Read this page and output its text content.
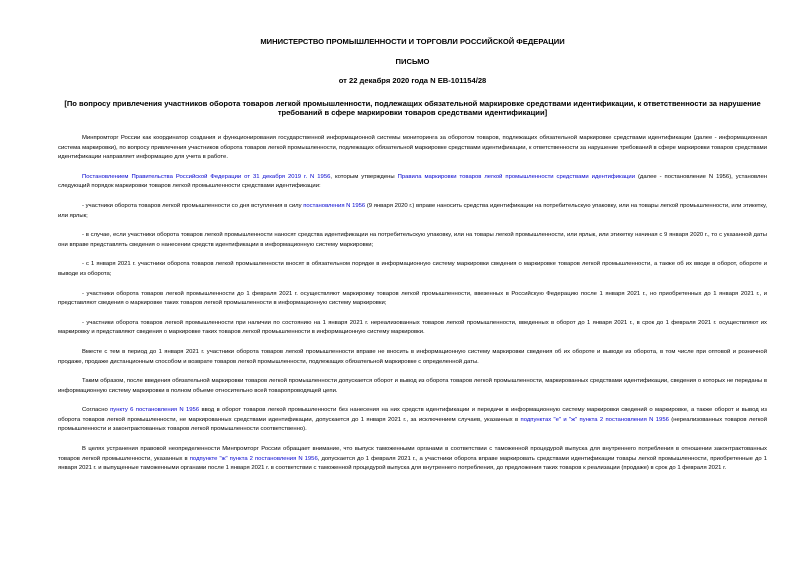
МИНИСТЕРСТВО ПРОМЫШЛЕННОСТИ И ТОРГОВЛИ РОССИЙСКОЙ ФЕДЕРАЦИИ
ПИСЬМО
от 22 декабря 2020 года N ЕВ-101154/28
[По вопросу привлечения участников оборота товаров легкой промышленности, подлежащих обязательной маркировке средствами идентификации, к ответственности за нарушение требований в сфере маркировки товаров средствами идентификации]

Минпромторг России как координатор создания и функционирования государственной информационной системы мониторинга за оборотом товаров, подлежащих обязательной маркировке средствами идентификации (далее - информационная система маркировки), по вопросу привлечения участников оборота товаров легкой промышленности, подлежащих обязательной маркировке средствами идентификации, к ответственности за нарушение требований в сфере маркировки товаров средствами идентификации направляет информацию для учета в работе.

Постановлением Правительства Российской Федерации от 31 декабря 2019 г. N 1956, которым утверждены Правила маркировки товаров легкой промышленности средствами идентификации (далее - постановление N 1956), установлен следующий порядок маркировки товаров легкой промышленности средствами идентификации:

- участники оборота товаров легкой промышленности со дня вступления в силу постановления N 1956 (9 января 2020 г.) вправе наносить средства идентификации на потребительскую упаковку, или на товары легкой промышленности, или этикетку, или ярлык;

- в случае, если участники оборота товаров легкой промышленности наносят средства идентификации на потребительскую упаковку, или на товары легкой промышленности, или ярлык, или этикетку начиная с 9 января 2020 г., то с указанной даты они вправе представлять сведения о нанесении средств идентификации в информационную систему маркировки;

- с 1 января 2021 г. участники оборота товаров легкой промышленности вносят в обязательном порядке в информационную систему маркировки сведения о маркировке товаров легкой промышленности, а также об их вводе в оборот, обороте и выводе из оборота;

- участники оборота товаров легкой промышленности до 1 февраля 2021 г. осуществляют маркировку товаров легкой промышленности, ввезенных в Российскую Федерацию после 1 января 2021 г., но приобретенных до 1 января 2021 г., и представляют сведения о маркировке таких товаров легкой промышленности в информационную систему маркировки;

- участники оборота товаров легкой промышленности при наличии по состоянию на 1 января 2021 г. нереализованных товаров легкой промышленности, введенных в оборот до 1 января 2021 г., в срок до 1 февраля 2021 г. осуществляют их маркировку и представляют сведения о маркировке таких товаров легкой промышленности в информационную систему маркировки.

Вместе с тем в период до 1 января 2021 г. участники оборота товаров легкой промышленности вправе не вносить в информационную систему маркировки сведения об их обороте и выводе из оборота, в том числе при оптовой и розничной продаже, продаже дистанционным способом и возврате товаров легкой промышленности, подлежащих обязательной маркировке с определенной даты.

Таким образом, после введения обязательной маркировки товаров легкой промышленности допускается оборот и вывод из оборота товаров легкой промышленности, маркированных средствами идентификации, сведения о которых не переданы в информационную систему маркировки в полном объеме относительно всей товаропроводящей цепи.

Согласно пункту 6 постановления N 1956 ввод в оборот товаров легкой промышленности без нанесения на них средств идентификации и передачи в информационную систему маркировки сведений о маркировке, а также оборот и вывод из оборота товаров легкой промышленности, не маркированных средствами идентификации, допускается до 1 января 2021 г., за исключением случаев, указанных в подпунктах "е" и "ж" пункта 2 постановления N 1956 (нереализованных товаров легкой промышленности и законтрактованных товаров легкой промышленности соответственно).

В целях устранения правовой неопределенности Минпромторг России обращает внимание, что выпуск таможенными органами в соответствии с таможенной процедурой выпуска для внутреннего потребления в отношении законтрактованных товаров легкой промышленности, указанных в подпункте "ж" пункта 2 постановления N 1956, допускается до 1 февраля 2021 г., а участники оборота вправе маркировать средствами идентификации товары легкой промышленности, приобретенные до 1 января 2021 г. и выпущенные таможенными органами после 1 января 2021 г. в соответствии с таможенной процедурой выпуска для внутреннего потребления, до предложения таких товаров к реализации (продаже) в срок до 1 февраля 2021 г.
